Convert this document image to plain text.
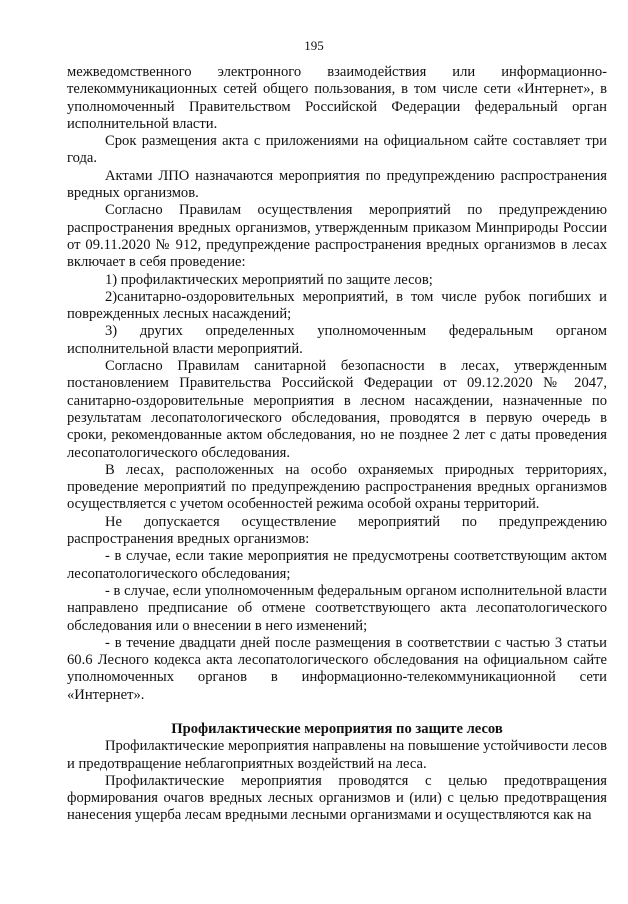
195

межведомственного электронного взаимодействия или информационно-телекоммуникационных сетей общего пользования, в том числе сети «Интернет», в уполномоченный Правительством Российской Федерации федеральный орган исполнительной власти.

Срок размещения акта с приложениями на официальном сайте составляет три года.

Актами ЛПО назначаются мероприятия по предупреждению распространения вредных организмов.

Согласно Правилам осуществления мероприятий по предупреждению распространения вредных организмов, утвержденным приказом Минприроды России от 09.11.2020 № 912, предупреждение распространения вредных организмов в лесах включает в себя проведение:

1) профилактических мероприятий по защите лесов;

2)санитарно-оздоровительных мероприятий, в том числе рубок погибших и поврежденных лесных насаждений;

3) других определенных уполномоченным федеральным органом исполнительной власти мероприятий.

Согласно Правилам санитарной безопасности в лесах, утвержденным постановлением Правительства Российской Федерации от 09.12.2020 № 2047, санитарно-оздоровительные мероприятия в лесном насаждении, назначенные по результатам лесопатологического обследования, проводятся в первую очередь в сроки, рекомендованные актом обследования, но не позднее 2 лет с даты проведения лесопатологического обследования.

В лесах, расположенных на особо охраняемых природных территориях, проведение мероприятий по предупреждению распространения вредных организмов осуществляется с учетом особенностей режима особой охраны территорий.

Не допускается осуществление мероприятий по предупреждению распространения вредных организмов:

- в случае, если такие мероприятия не предусмотрены соответствующим актом лесопатологического обследования;

- в случае, если уполномоченным федеральным органом исполнительной власти направлено предписание об отмене соответствующего акта лесопатологического обследования или о внесении в него изменений;

- в течение двадцати дней после размещения в соответствии с частью 3 статьи 60.6 Лесного кодекса акта лесопатологического обследования на официальном сайте уполномоченных органов в информационно-телекоммуникационной сети «Интернет».

Профилактические мероприятия по защите лесов

Профилактические мероприятия направлены на повышение устойчивости лесов и предотвращение неблагоприятных воздействий на леса.

Профилактические мероприятия проводятся с целью предотвращения формирования очагов вредных лесных организмов и (или) с целью предотвращения нанесения ущерба лесам вредными лесными организмами и осуществляются как на
